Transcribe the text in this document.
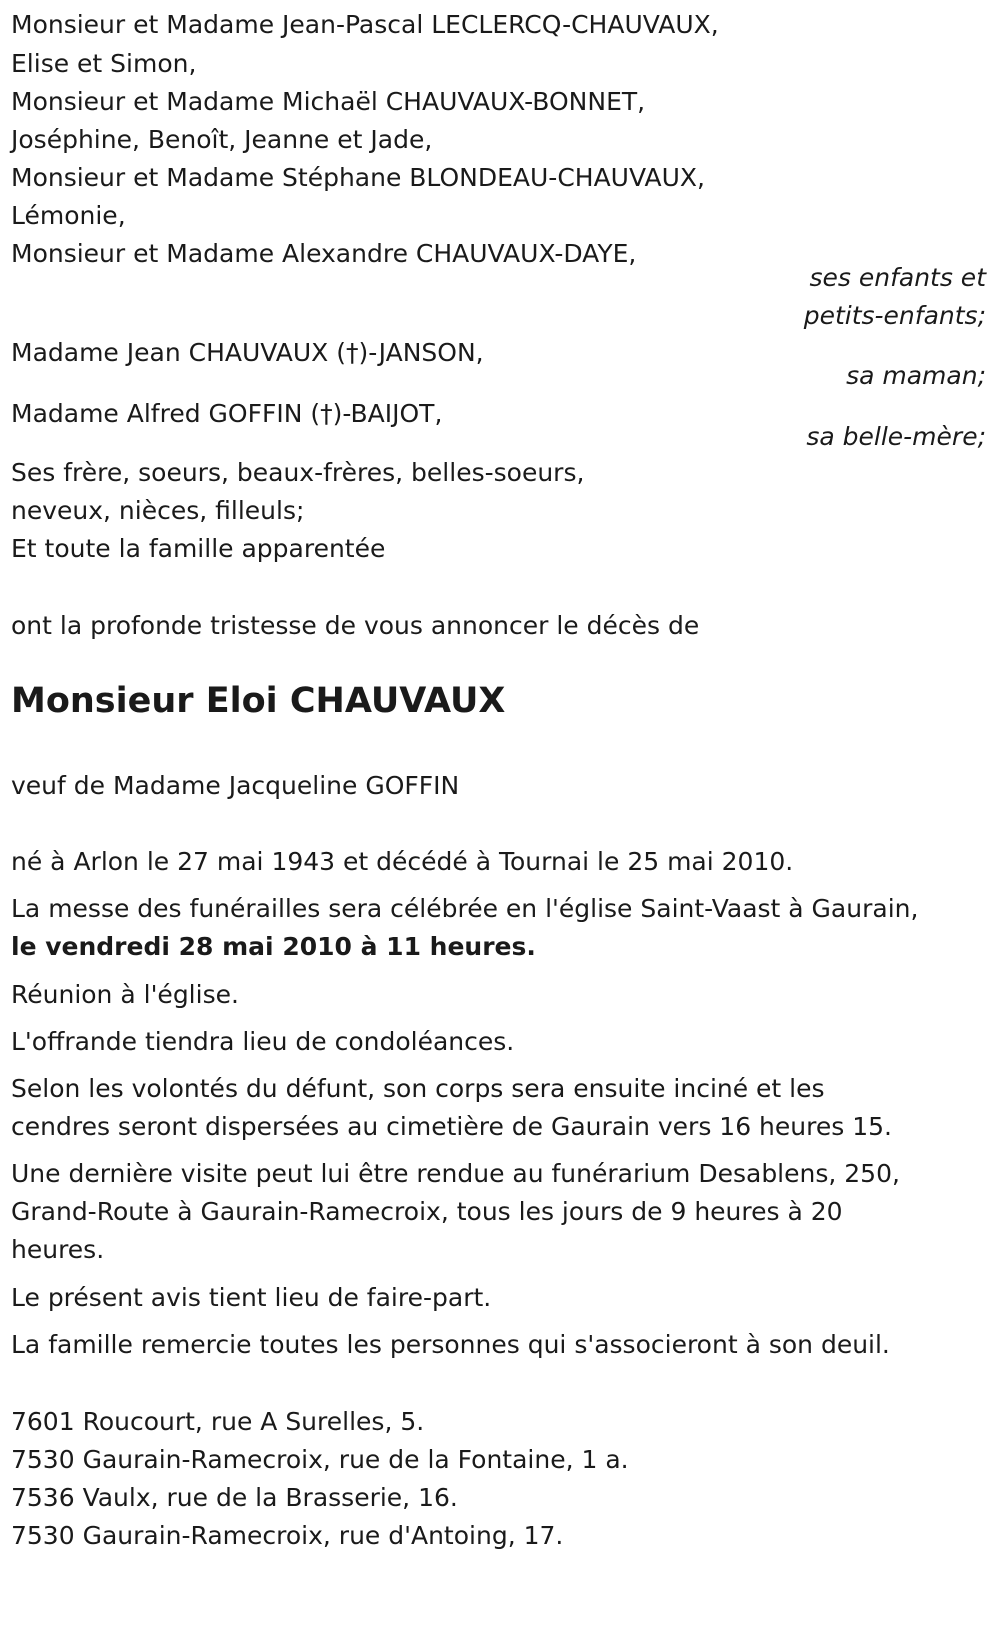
Monsieur et Madame Jean-Pascal LECLERCQ-CHAUVAUX,
Elise et Simon,
Monsieur et Madame Michaël CHAUVAUX-BONNET,
Joséphine, Benoît, Jeanne et Jade,
Monsieur et Madame Stéphane BLONDEAU-CHAUVAUX,
Lémonie,
Monsieur et Madame Alexandre CHAUVAUX-DAYE,
ses enfants et
petits-enfants;
Madame Jean CHAUVAUX (†)-JANSON,
sa maman;
Madame Alfred GOFFIN (†)-BAIJOT,
sa belle-mère;
Ses frère, soeurs, beaux-frères, belles-soeurs,
neveux, nièces, filleuls;
Et toute la famille apparentée
ont la profonde tristesse de vous annoncer le décès de
Monsieur Eloi CHAUVAUX
veuf de Madame Jacqueline GOFFIN
né à Arlon le 27 mai 1943 et décédé à Tournai le 25 mai 2010.
La messe des funérailles sera célébrée en l'église Saint-Vaast à Gaurain,
le vendredi 28 mai 2010 à 11 heures.
Réunion à l'église.
L'offrande tiendra lieu de condoléances.
Selon les volontés du défunt, son corps sera ensuite inciné et les
cendres seront dispersées au cimetière de Gaurain vers 16 heures 15.
Une dernière visite peut lui être rendue au funérarium Desablens, 250,
Grand-Route à Gaurain-Ramecroix, tous les jours de 9 heures à 20
heures.
Le présent avis tient lieu de faire-part.
La famille remercie toutes les personnes qui s'associeront à son deuil.
7601 Roucourt, rue A Surelles, 5.
7530 Gaurain-Ramecroix, rue de la Fontaine, 1 a.
7536 Vaulx, rue de la Brasserie, 16.
7530 Gaurain-Ramecroix, rue d'Antoing, 17.
